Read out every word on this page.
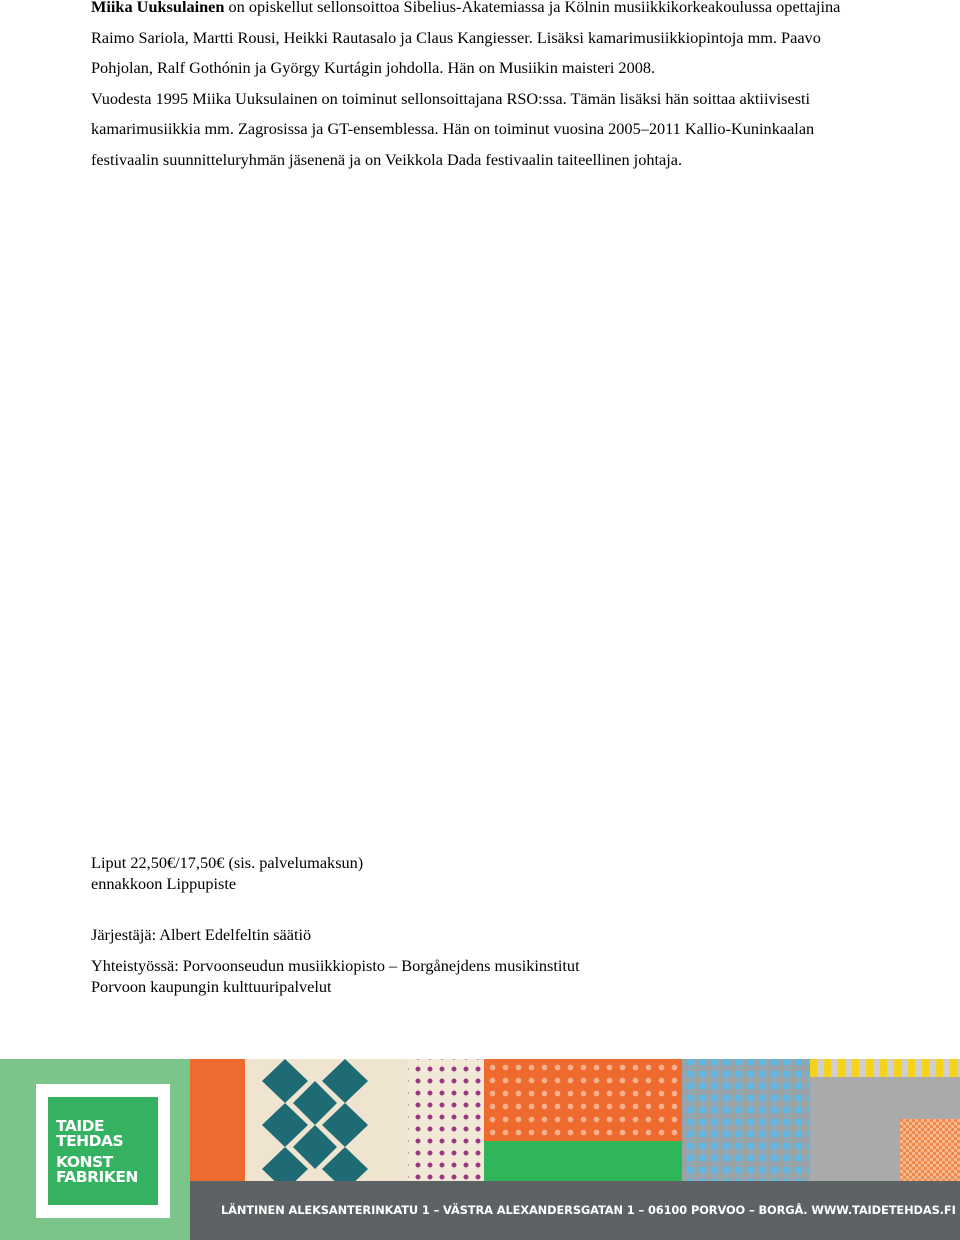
Miika Uuksulainen on opiskellut sellonsoittoa Sibelius-Akatemiassa ja Kölnin musiikkikorkeakoulussa opettajina Raimo Sariola, Martti Rousi, Heikki Rautasalo ja Claus Kangiesser. Lisäksi kamarimusiikkiopintoja mm. Paavo Pohjolan, Ralf Gothónin ja György Kurtágin johdolla. Hän on Musiikin maisteri 2008.

Vuodesta 1995 Miika Uuksulainen on toiminut sellonsoittajana RSO:ssa. Tämän lisäksi hän soittaa aktiivisesti kamarimusiikkia mm. Zagrosissa ja GT-ensemblessa. Hän on toiminut vuosina 2005–2011 Kallio-Kuninkaalan festivaalin suunnitteluryhmän jäsenenä ja on Veikkola Dada festivaalin taiteellinen johtaja.

Liput 22,50€/17,50€ (sis. palvelumaksun)

ennakkoon Lippupiste

Järjestäjä: Albert Edelfeltin säätiö

Yhteistyössä: Porvoonseudun musiikkiopisto – Borgånejdens musikinstitut

Porvoon kaupungin kulttuuripalvelut

TAIDE
TEHDAS
KONST
FABRIKEN
LÄNTINEN ALEKSANTERINKATU 1 – VÄSTRA ALEXANDERSGATAN 1 – 06100 PORVOO – BORGÅ. WWW.TAIDETEHDAS.FI
